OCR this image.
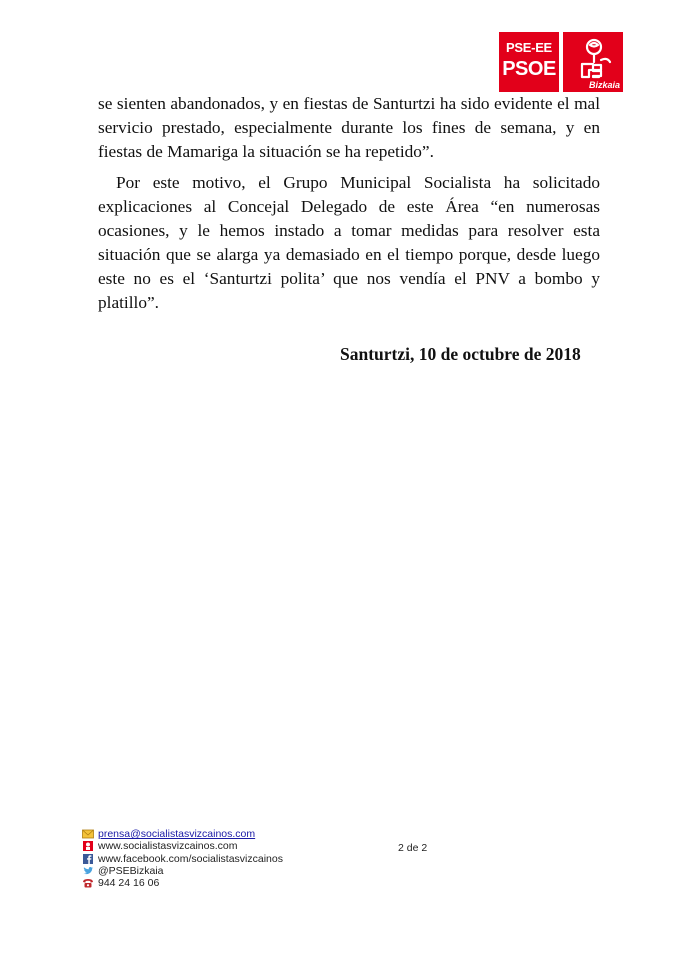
PSE-EE
PSOE
Bizkaia

se sienten abandonados, y en fiestas de Santurtzi ha sido evidente el mal servicio prestado, especialmente durante los fines de semana, y en fiestas de Mamariga la situación se ha repetido”.

Por este motivo, el Grupo Municipal Socialista ha solicitado explicaciones al Concejal Delegado de este Área “en numerosas ocasiones, y le hemos instado a tomar medidas para resolver esta situación que se alarga ya demasiado en el tiempo porque, desde luego este no es el ‘Santurtzi polita’ que nos vendía el PNV a bombo y platillo”.

Santurtzi, 10 de octubre de 2018

prensa@socialistasvizcainos.com
www.socialistasvizcainos.com
www.facebook.com/socialistasvizcainos
@PSEBizkaia
944 24 16 06
2 de 2
